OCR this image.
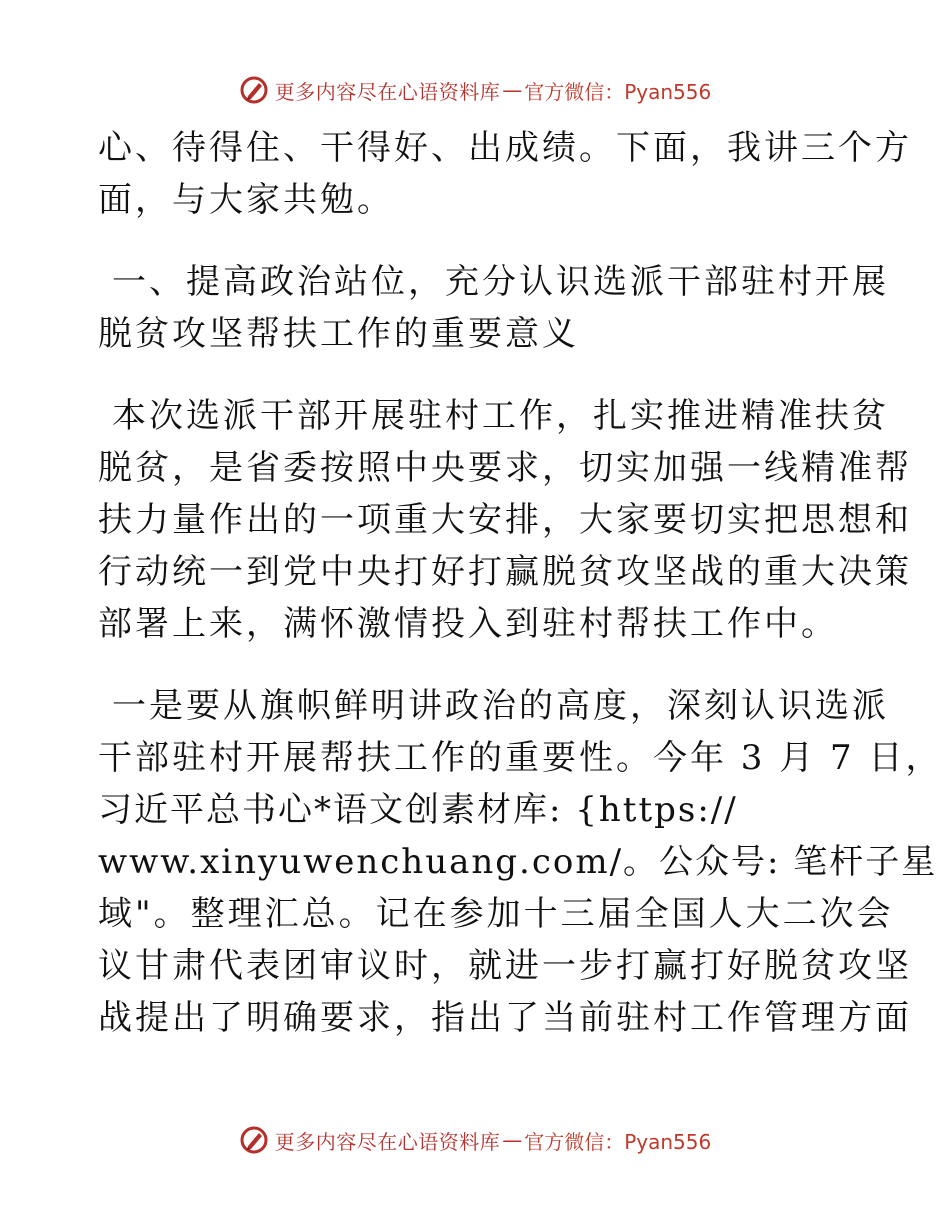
更多内容尽在心语资料库 — 官方微信：Pyan556
心、待得住、干得好、出成绩。下面，我讲三个方
面，与大家共勉。
一、提高政治站位，充分认识选派干部驻村开展
脱贫攻坚帮扶工作的重要意义
本次选派干部开展驻村工作，扎实推进精准扶贫
脱贫，是省委按照中央要求，切实加强一线精准帮
扶力量作出的一项重大安排，大家要切实把思想和
行动统一到党中央打好打赢脱贫攻坚战的重大决策
部署上来，满怀激情投入到驻村帮扶工作中。
一是要从旗帜鲜明讲政治的高度，深刻认识选派
干部驻村开展帮扶工作的重要性。今年 3 月 7 日，
习近平总书心*语文创素材库: {https://
www.xinyuwenchuang.com/。公众号: 笔杆子星
域"。整理汇总。记在参加十三届全国人大二次会
议甘肃代表团审议时，就进一步打赢打好脱贫攻坚
战提出了明确要求，指出了当前驻村工作管理方面
更多内容尽在心语资料库 — 官方微信：Pyan556
